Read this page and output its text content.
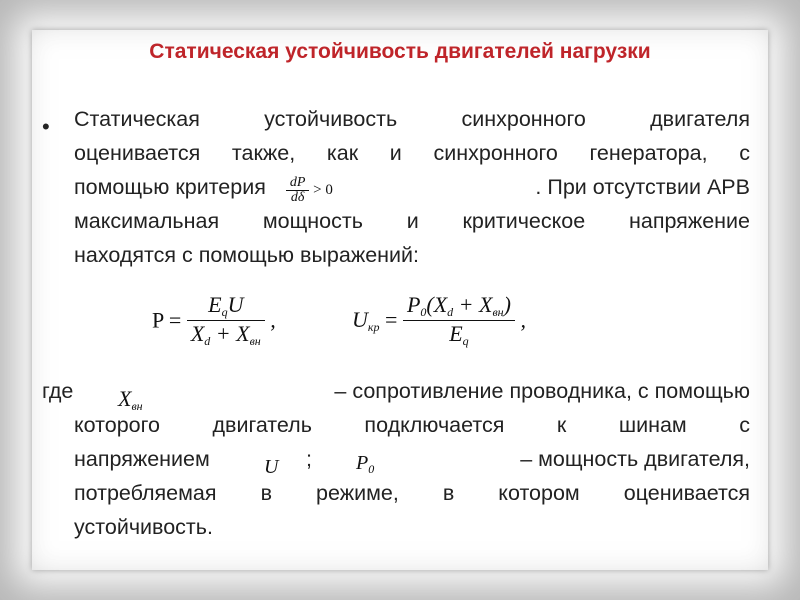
Статическая устойчивость двигателей нагрузки
• Статическая устойчивость синхронного двигателя
оценивается также, как и синхронного генератора, с
помощью критерия $\frac{dP}{d\delta} > 0$	. При отсутствии АРВ
максимальная мощность и критическое напряжение
находятся с помощью выражений:
$P = \frac{E_qU}{X_d + X_{вн}}$ ,	$U_{кр} = \frac{P_0(X_d + X_{вн})}{E_q}$ ,
где $X_{вн}$
– сопротивление проводника, с помощью
которого двигатель подключается к шинам с
напряжением	U ; $P_0$	– мощность двигателя,
потребляемая в режиме, в котором оценивается
устойчивость.
